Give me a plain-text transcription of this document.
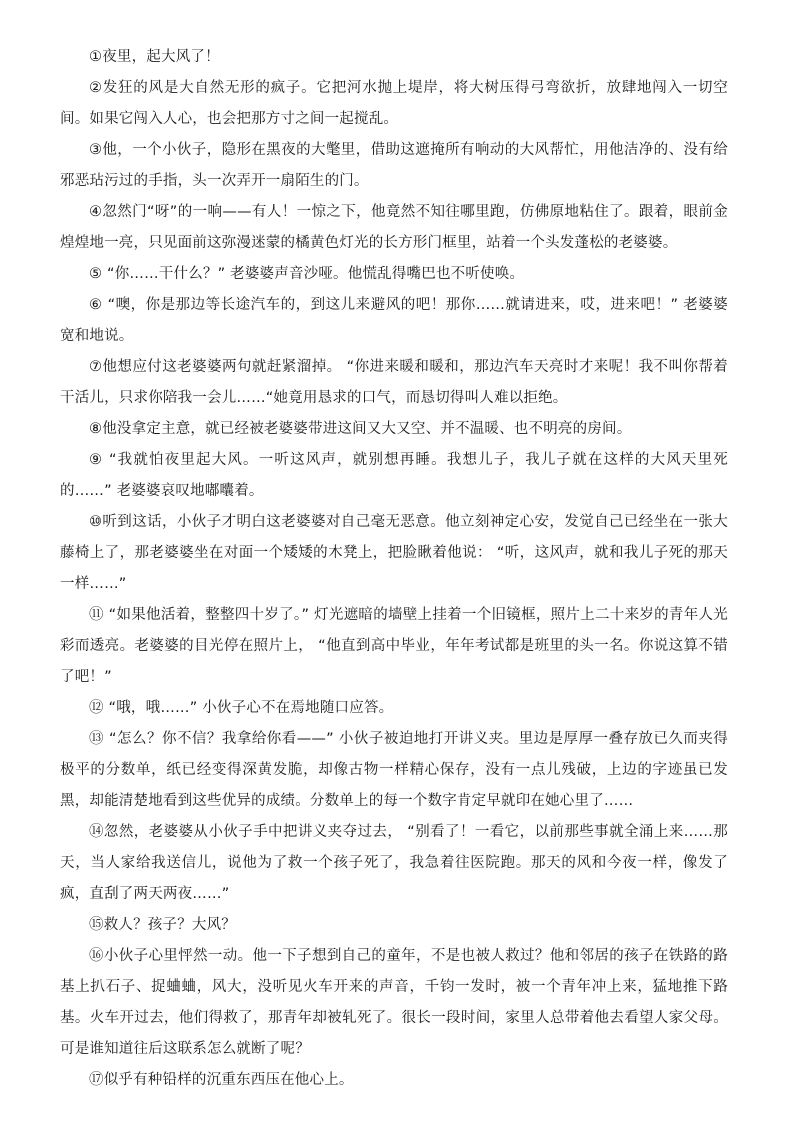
①夜里，起大风了！

②发狂的风是大自然无形的疯子。它把河水抛上堤岸，将大树压得弓弯欲折，放肆地闯入一切空间。如果它闯入人心，也会把那方寸之间一起搅乱。

③他，一个小伙子，隐形在黑夜的大氅里，借助这遮掩所有响动的大风帮忙，用他洁净的、没有给邪恶玷污过的手指，头一次弄开一扇陌生的门。

④忽然门“呀”的一响——有人！一惊之下，他竟然不知往哪里跑，仿佛原地粘住了。跟着，眼前金煌煌地一亮，只见面前这弥漫迷蒙的橘黄色灯光的长方形门框里，站着一个头发蓬松的老婆婆。

⑤ “你……干什么？” 老婆婆声音沙哑。他慌乱得嘴巴也不听使唤。

⑥ “噢，你是那边等长途汽车的，到这儿来避风的吧！那你……就请进来，哎，进来吧！” 老婆婆宽和地说。

⑦他想应付这老婆婆两句就赶紧溜掉。 “你进来暖和暖和，那边汽车天亮时才来呢！我不叫你帮着干活儿，只求你陪我一会儿……“她竟用恳求的口气，而恳切得叫人难以拒绝。

⑧他没拿定主意，就已经被老婆婆带进这间又大又空、并不温暖、也不明亮的房间。

⑨ “我就怕夜里起大风。一听这风声，就别想再睡。我想儿子，我儿子就在这样的大风天里死的……” 老婆婆哀叹地嘟囔着。

⑩听到这话，小伙子才明白这老婆婆对自己毫无恶意。他立刻神定心安，发觉自己已经坐在一张大藤椅上了，那老婆婆坐在对面一个矮矮的木凳上，把脸瞅着他说： “听，这风声，就和我儿子死的那天一样……”

⑪ “如果他活着，整整四十岁了。” 灯光遮暗的墙壁上挂着一个旧镜框，照片上二十来岁的青年人光彩而透亮。老婆婆的目光停在照片上， “他直到高中毕业，年年考试都是班里的头一名。你说这算不错了吧！”

⑫ “哦，哦……” 小伙子心不在焉地随口应答。

⑬ “怎么？你不信？我拿给你看——” 小伙子被迫地打开讲义夹。里边是厚厚一叠存放已久而夹得极平的分数单，纸已经变得深黄发脆，却像古物一样精心保存，没有一点儿残破，上边的字迹虽已发黑，却能清楚地看到这些优异的成绩。分数单上的每一个数字肯定早就印在她心里了……

⑭忽然，老婆婆从小伙子手中把讲义夹夺过去， “别看了！一看它，以前那些事就全涌上来……那天，当人家给我送信儿，说他为了救一个孩子死了，我急着往医院跑。那天的风和今夜一样，像发了疯，直刮了两天两夜……”

⑮救人？孩子？大风？

⑯小伙子心里怦然一动。他一下子想到自己的童年，不是也被人救过？他和邻居的孩子在铁路的路基上扒石子、捉蛐蛐，风大，没听见火车开来的声音，千钧一发时，被一个青年冲上来，猛地推下路基。火车开过去，他们得救了，那青年却被轧死了。很长一段时间，家里人总带着他去看望人家父母。可是谁知道往后这联系怎么就断了呢？

⑰似乎有种铅样的沉重东西压在他心上。
